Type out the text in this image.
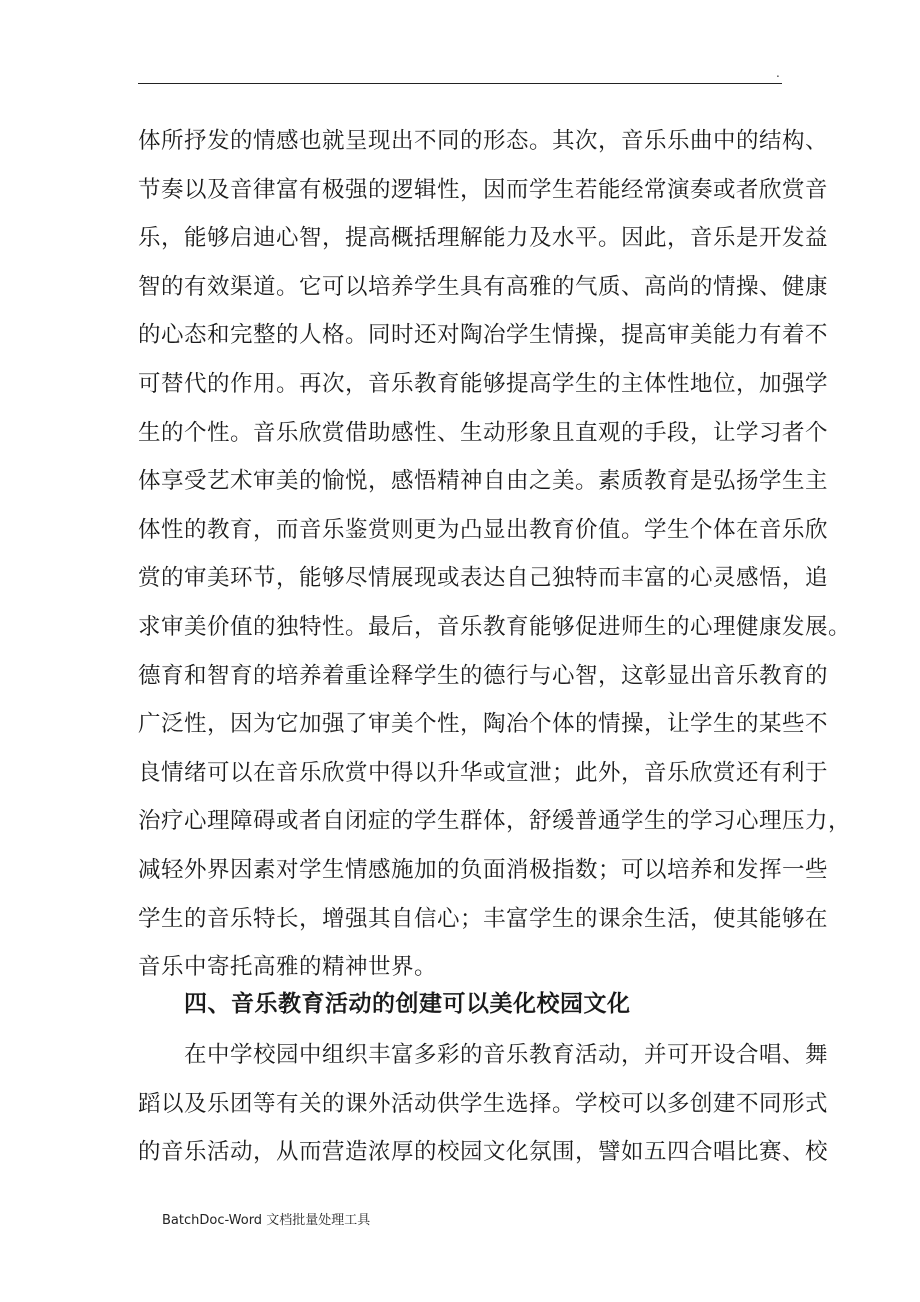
.
体所抒发的情感也就呈现出不同的形态。其次，音乐乐曲中的结构、
节奏以及音律富有极强的逻辑性，因而学生若能经常演奏或者欣赏音
乐，能够启迪心智，提高概括理解能力及水平。因此，音乐是开发益
智的有效渠道。它可以培养学生具有高雅的气质、高尚的情操、健康
的心态和完整的人格。同时还对陶冶学生情操，提高审美能力有着不
可替代的作用。再次，音乐教育能够提高学生的主体性地位，加强学
生的个性。音乐欣赏借助感性、生动形象且直观的手段，让学习者个
体享受艺术审美的愉悦，感悟精神自由之美。素质教育是弘扬学生主
体性的教育，而音乐鉴赏则更为凸显出教育价值。学生个体在音乐欣
赏的审美环节，能够尽情展现或表达自己独特而丰富的心灵感悟，追
求审美价值的独特性。最后，音乐教育能够促进师生的心理健康发展。
德育和智育的培养着重诠释学生的德行与心智，这彰显出音乐教育的
广泛性，因为它加强了审美个性，陶冶个体的情操，让学生的某些不
良情绪可以在音乐欣赏中得以升华或宣泄；此外，音乐欣赏还有利于
治疗心理障碍或者自闭症的学生群体，舒缓普通学生的学习心理压力，
减轻外界因素对学生情感施加的负面消极指数；可以培养和发挥一些
学生的音乐特长，增强其自信心；丰富学生的课余生活，使其能够在
音乐中寄托高雅的精神世界。
四、音乐教育活动的创建可以美化校园文化
在中学校园中组织丰富多彩的音乐教育活动，并可开设合唱、舞
蹈以及乐团等有关的课外活动供学生选择。学校可以多创建不同形式
的音乐活动，从而营造浓厚的校园文化氛围，譬如五四合唱比赛、校
BatchDoc-Word 文档批量处理工具
